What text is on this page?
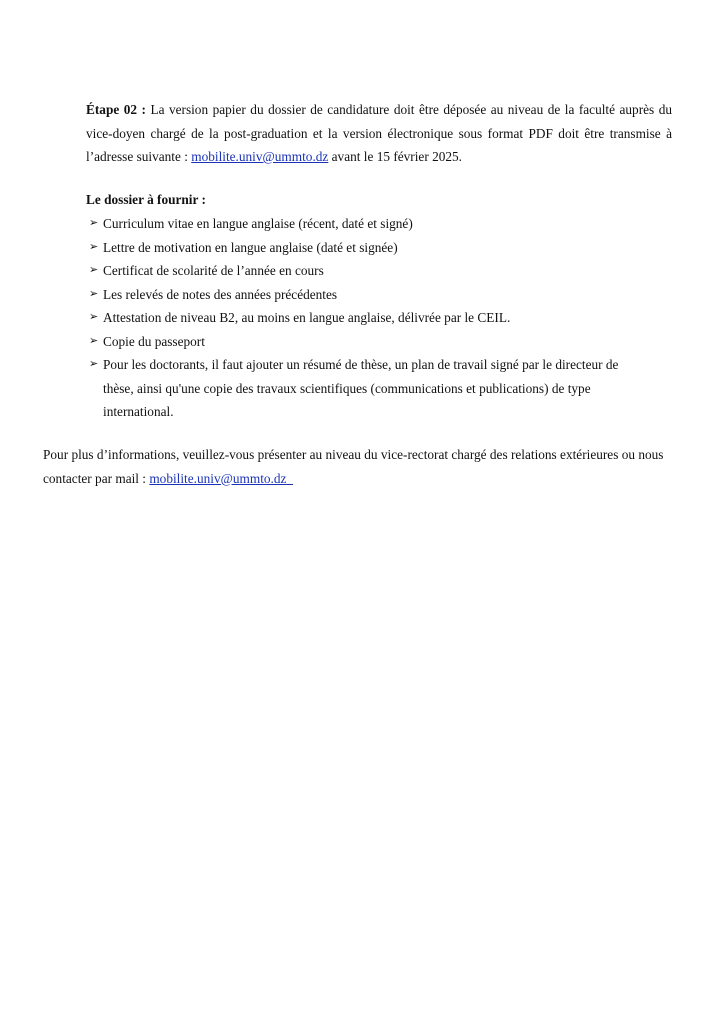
Étape 02 : La version papier du dossier de candidature doit être déposée au niveau de la faculté auprès du vice-doyen chargé de la post-graduation et la version électronique sous format PDF doit être transmise à l’adresse suivante : mobilite.univ@ummto.dz avant le 15 février 2025.

Le dossier à fournir :

➢ Curriculum vitae en langue anglaise (récent, daté et signé)
➢ Lettre de motivation en langue anglaise (daté et signée)
➢ Certificat de scolarité de l’année en cours
➢ Les relevés de notes des années précédentes
➢ Attestation de niveau B2, au moins en langue anglaise, délivrée par le CEIL.
➢ Copie du passeport
➢ Pour les doctorants, il faut ajouter un résumé de thèse, un plan de travail signé par le directeur de thèse, ainsi qu'une copie des travaux scientifiques (communications et publications) de type international.

Pour plus d’informations, veuillez-vous présenter au niveau du vice-rectorat chargé des relations extérieures ou nous contacter par mail : mobilite.univ@ummto.dz
